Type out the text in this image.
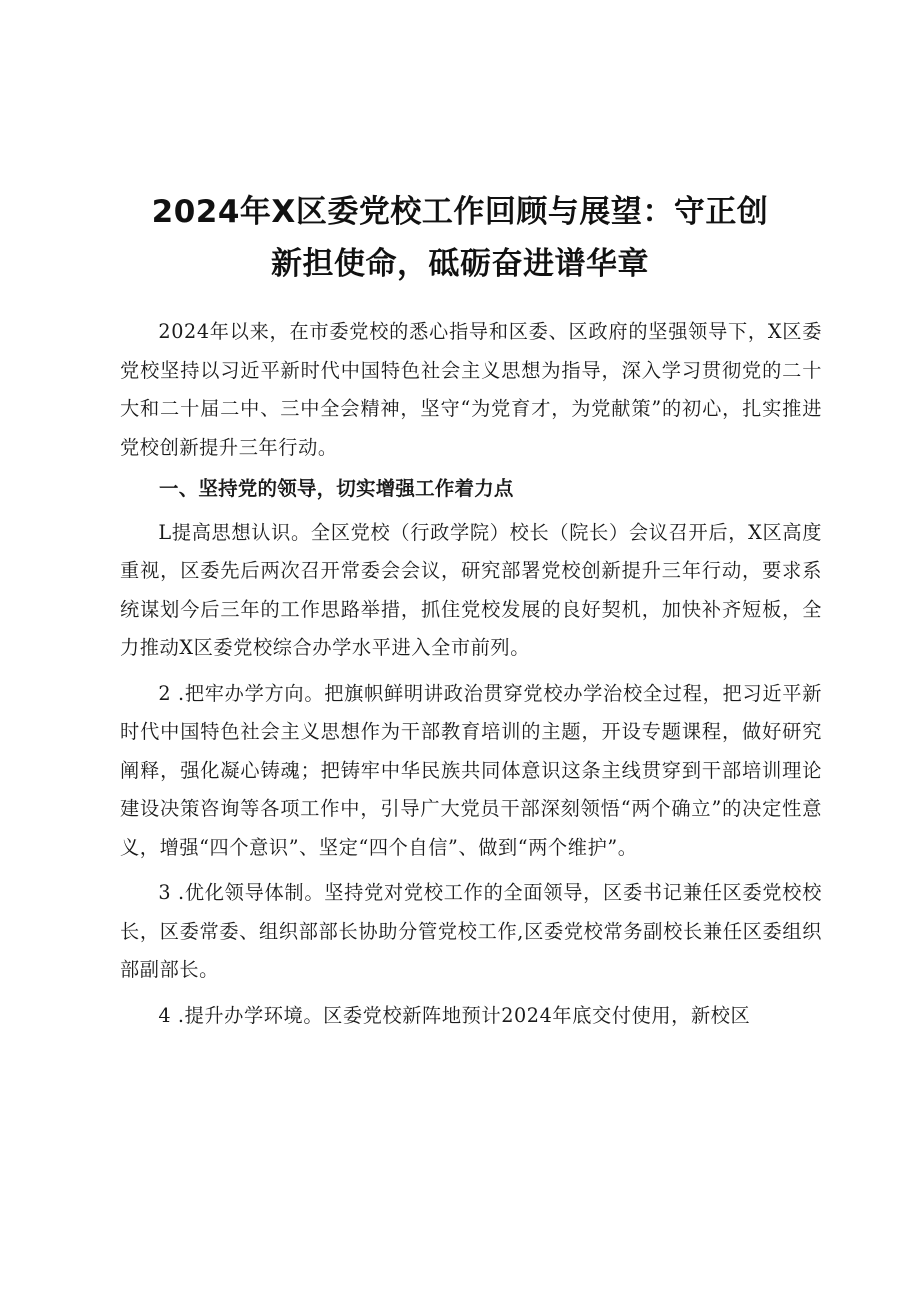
2024年X区委党校工作回顾与展望：守正创
新担使命，砥砺奋进谱华章

2024年以来，在市委党校的悉心指导和区委、区政府的坚强领导下，X区委党校坚持以习近平新时代中国特色社会主义思想为指导，深入学习贯彻党的二十大和二十届二中、三中全会精神，坚守“为党育才，为党献策”的初心，扎实推进党校创新提升三年行动。

一、坚持党的领导，切实增强工作着力点

L提高思想认识。全区党校（行政学院）校长（院长）会议召开后，X区高度重视，区委先后两次召开常委会会议，研究部署党校创新提升三年行动，要求系统谋划今后三年的工作思路举措，抓住党校发展的良好契机，加快补齐短板，全力推动X区委党校综合办学水平进入全市前列。

2 .把牢办学方向。把旗帜鲜明讲政治贯穿党校办学治校全过程，把习近平新时代中国特色社会主义思想作为干部教育培训的主题，开设专题课程，做好研究阐释，强化凝心铸魂；把铸牢中华民族共同体意识这条主线贯穿到干部培训理论建设决策咨询等各项工作中，引导广大党员干部深刻领悟“两个确立”的决定性意义，增强“四个意识”、坚定“四个自信”、做到“两个维护”。

3 .优化领导体制。坚持党对党校工作的全面领导，区委书记兼任区委党校校长，区委常委、组织部部长协助分管党校工作,区委党校常务副校长兼任区委组织部副部长。

4 .提升办学环境。区委党校新阵地预计2024年底交付使用，新校区
